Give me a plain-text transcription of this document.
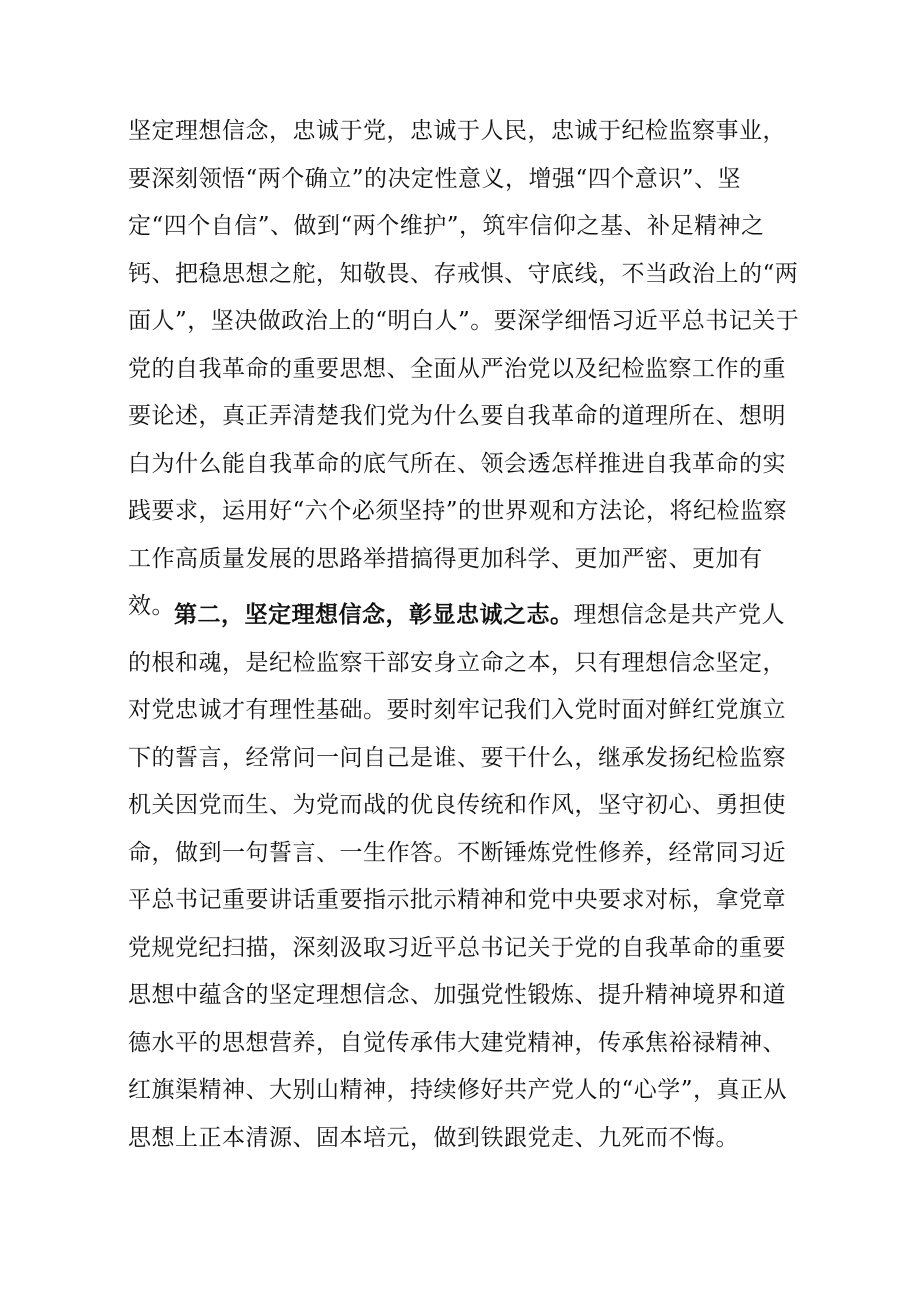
坚定理想信念，忠诚于党，忠诚于人民，忠诚于纪检监察事业，要深刻领悟“两个确立”的决定性意义，增强“四个意识”、坚定“四个自信”、做到“两个维护”，筑牢信仰之基、补足精神之钙、把稳思想之舵，知敬畏、存戒惧、守底线，不当政治上的“两面人”，坚决做政治上的“明白人”。要深学细悟习近平总书记关于党的自我革命的重要思想、全面从严治党以及纪检监察工作的重要论述，真正弄清楚我们党为什么要自我革命的道理所在、想明白为什么能自我革命的底气所在、领会透怎样推进自我革命的实践要求，运用好“六个必须坚持”的世界观和方法论，将纪检监察工作高质量发展的思路举措搞得更加科学、更加严密、更加有效。 第二，坚定理想信念，彰显忠诚之志。理想信念是共产党人的根和魂，是纪检监察干部安身立命之本，只有理想信念坚定，对党忠诚才有理性基础。要时刻牢记我们入党时面对鲜红党旗立下的誓言，经常问一问自己是谁、要干什么，继承发扬纪检监察机关因党而生、为党而战的优良传统和作风，坚守初心、勇担使命，做到一句誓言、一生作答。不断锤炼党性修养，经常同习近平总书记重要讲话重要指示批示精神和党中央要求对标，拿党章党规党纪扫描，深刻汲取习近平总书记关于党的自我革命的重要思想中蕴含的坚定理想信念、加强党性锻炼、提升精神境界和道德水平的思想营养，自觉传承伟大建党精神，传承焦裕禄精神、红旗渠精神、大别山精神，持续修好共产党人的“心学”，真正从思想上正本清源、固本培元，做到铁跟党走、九死而不悔。
